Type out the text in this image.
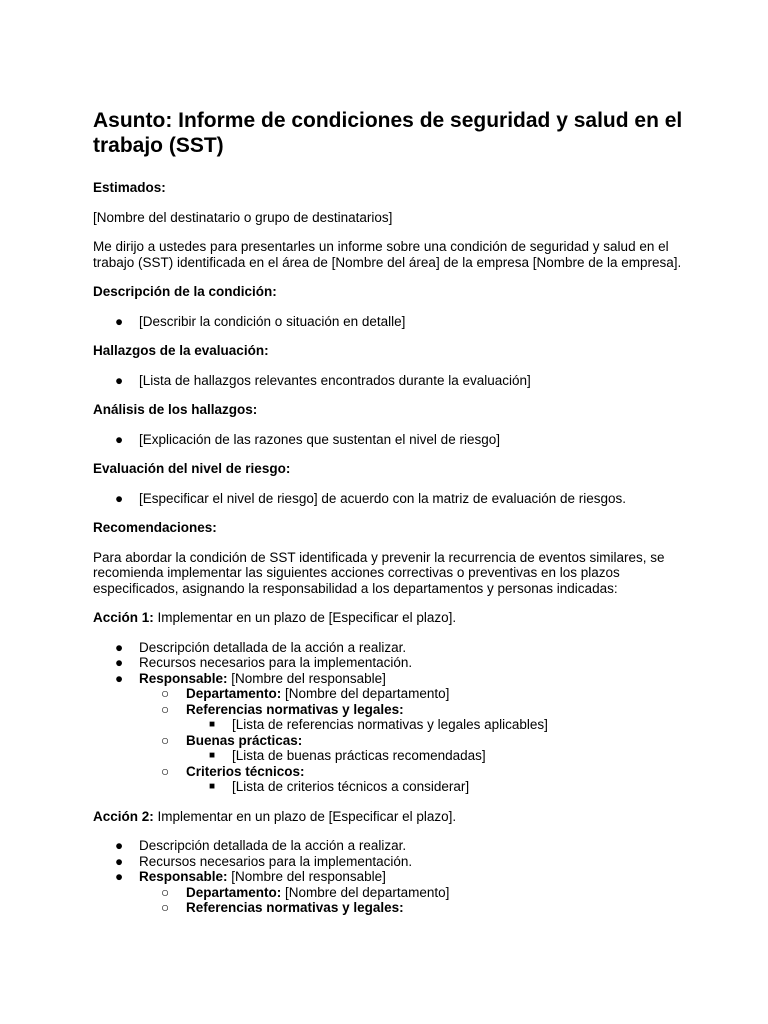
Asunto: Informe de condiciones de seguridad y salud en el trabajo (SST)

Estimados:

[Nombre del destinatario o grupo de destinatarios]

Me dirijo a ustedes para presentarles un informe sobre una condición de seguridad y salud en el trabajo (SST) identificada en el área de [Nombre del área] de la empresa [Nombre de la empresa].

Descripción de la condición:

● [Describir la condición o situación en detalle]

Hallazgos de la evaluación:

● [Lista de hallazgos relevantes encontrados durante la evaluación]

Análisis de los hallazgos:

● [Explicación de las razones que sustentan el nivel de riesgo]

Evaluación del nivel de riesgo:

● [Especificar el nivel de riesgo] de acuerdo con la matriz de evaluación de riesgos.

Recomendaciones:

Para abordar la condición de SST identificada y prevenir la recurrencia de eventos similares, se recomienda implementar las siguientes acciones correctivas o preventivas en los plazos especificados, asignando la responsabilidad a los departamentos y personas indicadas:

Acción 1: Implementar en un plazo de [Especificar el plazo].

● Descripción detallada de la acción a realizar.
● Recursos necesarios para la implementación.
● Responsable: [Nombre del responsable]
○ Departamento: [Nombre del departamento]
○ Referencias normativas y legales:
■ [Lista de referencias normativas y legales aplicables]
○ Buenas prácticas:
■ [Lista de buenas prácticas recomendadas]
○ Criterios técnicos:
■ [Lista de criterios técnicos a considerar]

Acción 2: Implementar en un plazo de [Especificar el plazo].

● Descripción detallada de la acción a realizar.
● Recursos necesarios para la implementación.
● Responsable: [Nombre del responsable]
○ Departamento: [Nombre del departamento]
○ Referencias normativas y legales:
